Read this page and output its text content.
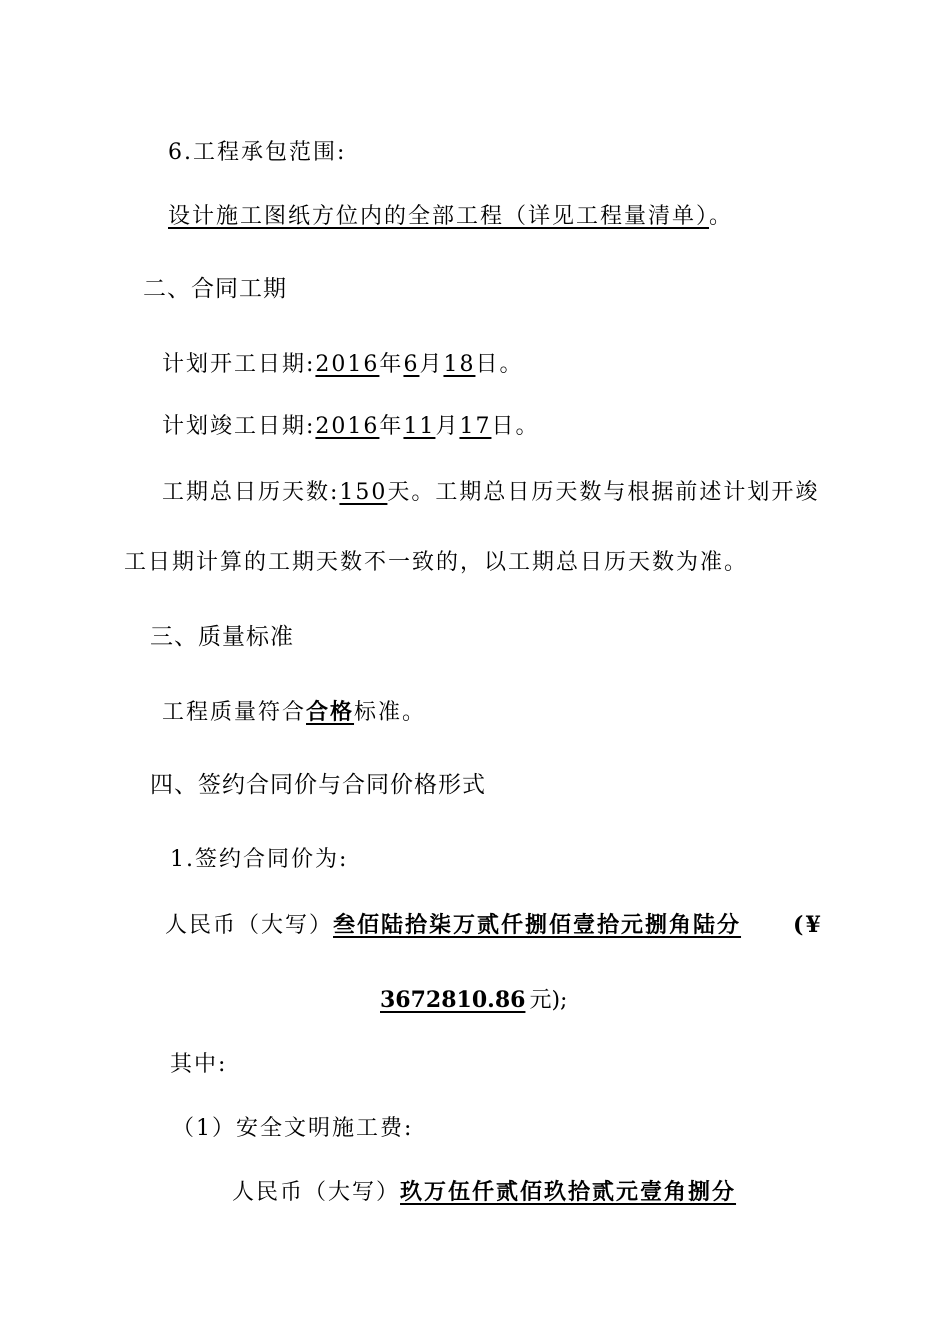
6.工程承包范围:
设计施工图纸方位内的全部工程（详见工程量清单）。
二、合同工期
计划开工日期:2016年6月18日。
计划竣工日期:2016年11月17日。
工期总日历天数:150天。工期总日历天数与根据前述计划开竣
工日期计算的工期天数不一致的，以工期总日历天数为准。
三、质量标准
工程质量符合合格标准。
四、签约合同价与合同价格形式
1.签约合同价为:
人民币（大写）叁佰陆拾柒万贰仟捌佰壹拾元捌角陆分 (¥
3672810.86 元);
其中:
（1）安全文明施工费:
人民币（大写）玖万伍仟贰佰玖拾贰元壹角捌分
